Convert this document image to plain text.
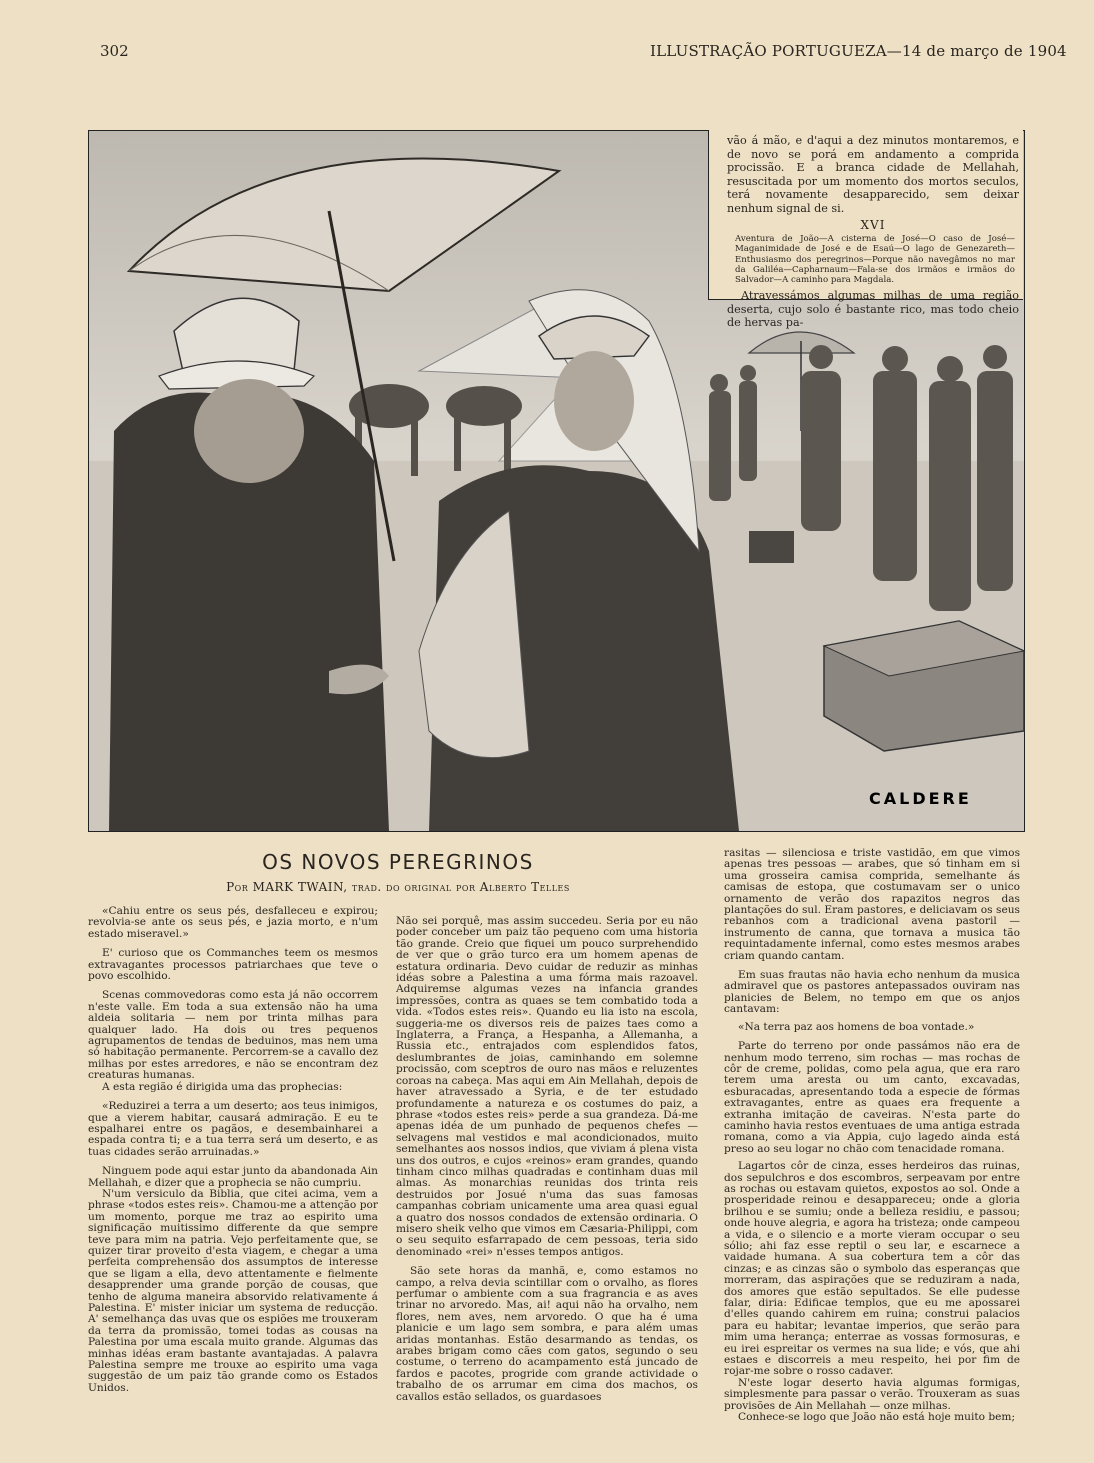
302	ILLUSTRAÇÃO PORTUGUEZA—14 de março de 1904
CALDERE

vão á mão, e d'aqui a dez minutos montaremos, e de novo se porá em andamento a comprida procissão. E a branca cidade de Mellahah, resuscitada por um momento dos mortos seculos, terá novamente desapparecido, sem deixar nenhum signal de si.

XVI
Aventura de João—A cisterna de José—O caso de José—Maganimidade de José e de Esaú—O lago de Genezareth—Enthusiasmo dos peregrinos—Porque não navegâmos no mar da Galiléa—Capharnaum—Fala-se dos irmãos e irmãos do Salvador—A caminho para Magdala.

Atravessámos algumas milhas de uma região deserta, cujo solo é bastante rico, mas todo cheio de hervas pa-

OS NOVOS PEREGRINOS
Por MARK TWAIN, trad. do original por Alberto Telles

«Cahiu entre os seus pés, desfalleceu e expirou; revolvia-se ante os seus pés, e jazia morto, e n'um estado miseravel.»

E' curioso que os Commanches teem os mesmos extravagantes processos patriarchaes que teve o povo escolhido.

Scenas commovedoras como esta já não occorrem n'este valle. Em toda a sua extensão não ha uma aldeia solitaria — nem por trinta milhas para qualquer lado. Ha dois ou tres pequenos agrupamentos de tendas de beduinos, mas nem uma só habitação permanente. Percorrem-se a cavallo dez milhas por estes arredores, e não se encontram dez creaturas humanas.

A esta região é dirigida uma das prophecias:

«Reduzirei a terra a um deserto; aos teus inimigos, que a vierem habitar, causará admiração. E eu te espalharei entre os pagãos, e desembainharei a espada contra ti; e a tua terra será um deserto, e as tuas cidades serão arruinadas.»

Ninguem pode aqui estar junto da abandonada Ain Mellahah, e dizer que a prophecia se não cumpriu.

N'um versiculo da Biblia, que citei acima, vem a phrase «todos estes reis». Chamou-me a attenção por um momento, porque me traz ao espirito uma significação muitissimo differente da que sempre teve para mim na patria. Vejo perfeitamente que, se quizer tirar proveito d'esta viagem, e chegar a uma perfeita comprehensão dos assumptos de interesse que se ligam a ella, devo attentamente e fielmente desapprender uma grande porção de cousas, que tenho de alguma maneira absorvido relativamente á Palestina. E' mister iniciar um systema de reducção. A' semelhança das uvas que os espiões me trouxeram da terra da promissão, tomei todas as cousas na Palestina por uma escala muito grande. Algumas das minhas idéas eram bastante avantajadas. A palavra Palestina sempre me trouxe ao espirito uma vaga suggestão de um paiz tão grande como os Estados Unidos.

Não sei porquê, mas assim succedeu. Seria por eu não poder conceber um paiz tão pequeno com uma historia tão grande. Creio que fiquei um pouco surprehendido de ver que o grão turco era um homem apenas de estatura ordinaria. Devo cuidar de reduzir as minhas idéas sobre a Palestina a uma fórma mais razoavel. Adquiremse algumas vezes na infancia grandes impressões, contra as quaes se tem combatido toda a vida. «Todos estes reis». Quando eu lia isto na escola, suggeria-me os diversos reis de paizes taes como a Inglaterra, a França, a Hespanha, a Allemanha, a Russia etc., entrajados com esplendidos fatos, deslumbrantes de joias, caminhando em solemne procissão, com sceptros de ouro nas mãos e reluzentes coroas na cabeça. Mas aqui em Ain Mellahah, depois de haver atravessado a Syria, e de ter estudado profundamente a natureza e os costumes do paiz, a phrase «todos estes reis» perde a sua grandeza. Dá-me apenas idéa de um punhado de pequenos chefes — selvagens mal vestidos e mal acondicionados, muito semelhantes aos nossos indios, que viviam á plena vista uns dos outros, e cujos «reinos» eram grandes, quando tinham cinco milhas quadradas e continham duas mil almas. As monarchias reunidas dos trinta reis destruidos por Josué n'uma das suas famosas campanhas cobriam unicamente uma area quasi egual a quatro dos nossos condados de extensão ordinaria. O misero sheik velho que vimos em Cæsaria-Philippi, com o seu sequito esfarrapado de cem pessoas, teria sido denominado «rei» n'esses tempos antigos.

São sete horas da manhã, e, como estamos no campo, a relva devia scintillar com o orvalho, as flores perfumar o ambiente com a sua fragrancia e as aves trinar no arvoredo. Mas, ai! aqui não ha orvalho, nem flores, nem aves, nem arvoredo. O que ha é uma planicie e um lago sem sombra, e para além umas aridas montanhas. Estão desarmando as tendas, os arabes brigam como cães com gatos, segundo o seu costume, o terreno do acampamento está juncado de fardos e pacotes, progride com grande actividade o trabalho de os arrumar em cima dos machos, os cavallos estão sellados, os guardasoes

rasitas — silenciosa e triste vastidão, em que vimos apenas tres pessoas — arabes, que só tinham em si uma grosseira camisa comprida, semelhante ás camisas de estopa, que costumavam ser o unico ornamento de verão dos rapazitos negros das plantações do sul. Eram pastores, e deliciavam os seus rebanhos com a tradicional avena pastoril — instrumento de canna, que tornava a musica tão requintadamente infernal, como estes mesmos arabes criam quando cantam.

Em suas frautas não havia echo nenhum da musica admiravel que os pastores antepassados ouviram nas planicies de Belem, no tempo em que os anjos cantavam:

«Na terra paz aos homens de boa vontade.»

Parte do terreno por onde passámos não era de nenhum modo terreno, sim rochas — mas rochas de côr de creme, polidas, como pela agua, que era raro terem uma aresta ou um canto, excavadas, esburacadas, apresentando toda a especie de fórmas extravagantes, entre as quaes era frequente a extranha imitação de caveiras. N'esta parte do caminho havia restos eventuaes de uma antiga estrada romana, como a via Appia, cujo lagedo ainda está preso ao seu logar no chão com tenacidade romana.

Lagartos côr de cinza, esses herdeiros das ruinas, dos sepulchros e dos escombros, serpeavam por entre as rochas ou estavam quietos, expostos ao sol. Onde a prosperidade reinou e desappareceu; onde a gloria brilhou e se sumiu; onde a belleza residiu, e passou; onde houve alegria, e agora ha tristeza; onde campeou a vida, e o silencio e a morte vieram occupar o seu sólio; ahi faz esse reptil o seu lar, e escarnece a vaidade humana. A sua cobertura tem a côr das cinzas; e as cinzas são o symbolo das esperanças que morreram, das aspirações que se reduziram a nada, dos amores que estão sepultados. Se elle pudesse falar, diria: Edificae templos, que eu me apossarei d'elles quando cahirem em ruina; construi palacios para eu habitar; levantae imperios, que serão para mim uma herança; enterrae as vossas formosuras, e eu irei espreitar os vermes na sua lide; e vós, que ahi estaes e discorreis a meu respeito, hei por fim de rojar-me sobre o rosso cadaver.

N'este logar deserto havia algumas formigas, simplesmente para passar o verão. Trouxeram as suas provisões de Ain Mellahah — onze milhas.

Conhece-se logo que João não está hoje muito bem;
